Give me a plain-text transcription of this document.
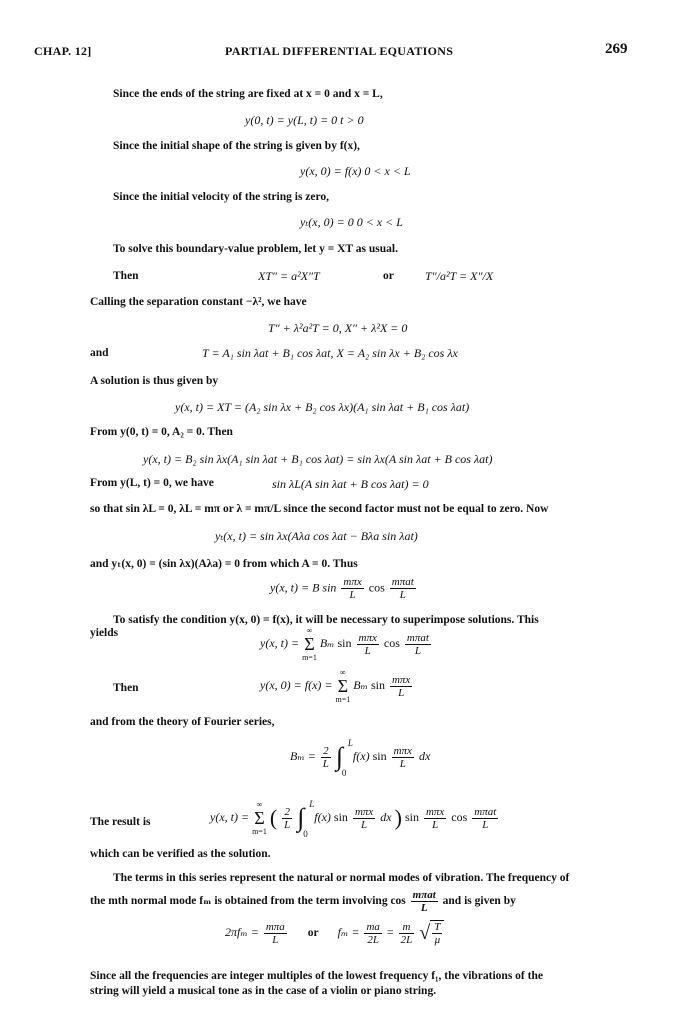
CHAP. 12]	PARTIAL DIFFERENTIAL EQUATIONS	269
Since the ends of the string are fixed at x = 0 and x = L,
y(0, t) = y(L, t) = 0 t > 0
Since the initial shape of the string is given by f(x),
y(x, 0) = f(x) 0 < x < L
Since the initial velocity of the string is zero,
yₜ(x, 0) = 0 0 < x < L
To solve this boundary-value problem, let y = XT as usual.
Then	XT″ = a²X″T	or	T″/a²T = X″/X
Calling the separation constant −λ², we have
T″ + λ²a²T = 0, X″ + λ²X = 0
and	T = A₁ sin λat + B₁ cos λat, X = A₂ sin λx + B₂ cos λx
A solution is thus given by
y(x, t) = XT = (A₂ sin λx + B₂ cos λx)(A₁ sin λat + B₁ cos λat)
From y(0, t) = 0, A₂ = 0. Then
y(x, t) = B₂ sin λx(A₁ sin λat + B₁ cos λat) = sin λx(A sin λat + B cos λat)
From y(L, t) = 0, we have	sin λL(A sin λat + B cos λat) = 0
so that sin λL = 0, λL = mπ or λ = mπ/L since the second factor must not be equal to zero. Now
yₜ(x, t) = sin λx(Aλa cos λat − Bλa sin λat)
and yₜ(x, 0) = (sin λx)(Aλa) = 0 from which A = 0. Thus
y(x, t) = B $\sin \frac{\text{mπx}}{L}$ $\cos \frac{\text{mπat}}{L}$
To satisfy the condition y(x, 0) = f(x), it will be necessary to superimpose solutions. This
yields
y(x, t) = ∞
Σ
m=1 Bₘ $\sin \frac{\text{mπx}}{L}$ $\cos \frac{\text{mπat}}{L}$
Then	y(x, 0) = f(x) = ∞
Σ
m=1 Bₘ $\sin \frac{\text{mπx}}{L}$
and from the theory of Fourier series,
$B_m = \frac{2}{L}$ ∫ L
0
f(x) $\sin \frac{\text{mπx}}{L}$ dx
The result is	y(x, t) = ∞
Σ
m=1 ( $\frac{2}{L}$ ∫ L
0
f(x) $\sin \frac{\text{mπx}}{L}$ dx ) $\sin \frac{\text{mπx}}{L}$ $\cos \frac{\text{mπat}}{L}$
which can be verified as the solution.
The terms in this series represent the natural or normal modes of vibration. The frequency of
the mth normal mode fₘ is obtained from the term involving $\cos \frac{\text{mπat}}{L}$ and is given by
$2\pi f_m = \frac{\text{mπa}}{L}$ or $f_m = \frac{ma}{2L} = \frac{m}{2L}$ √ $\frac{T}{\mu}$
Since all the frequencies are integer multiples of the lowest frequency f₁, the vibrations of the
string will yield a musical tone as in the case of a violin or piano string.
